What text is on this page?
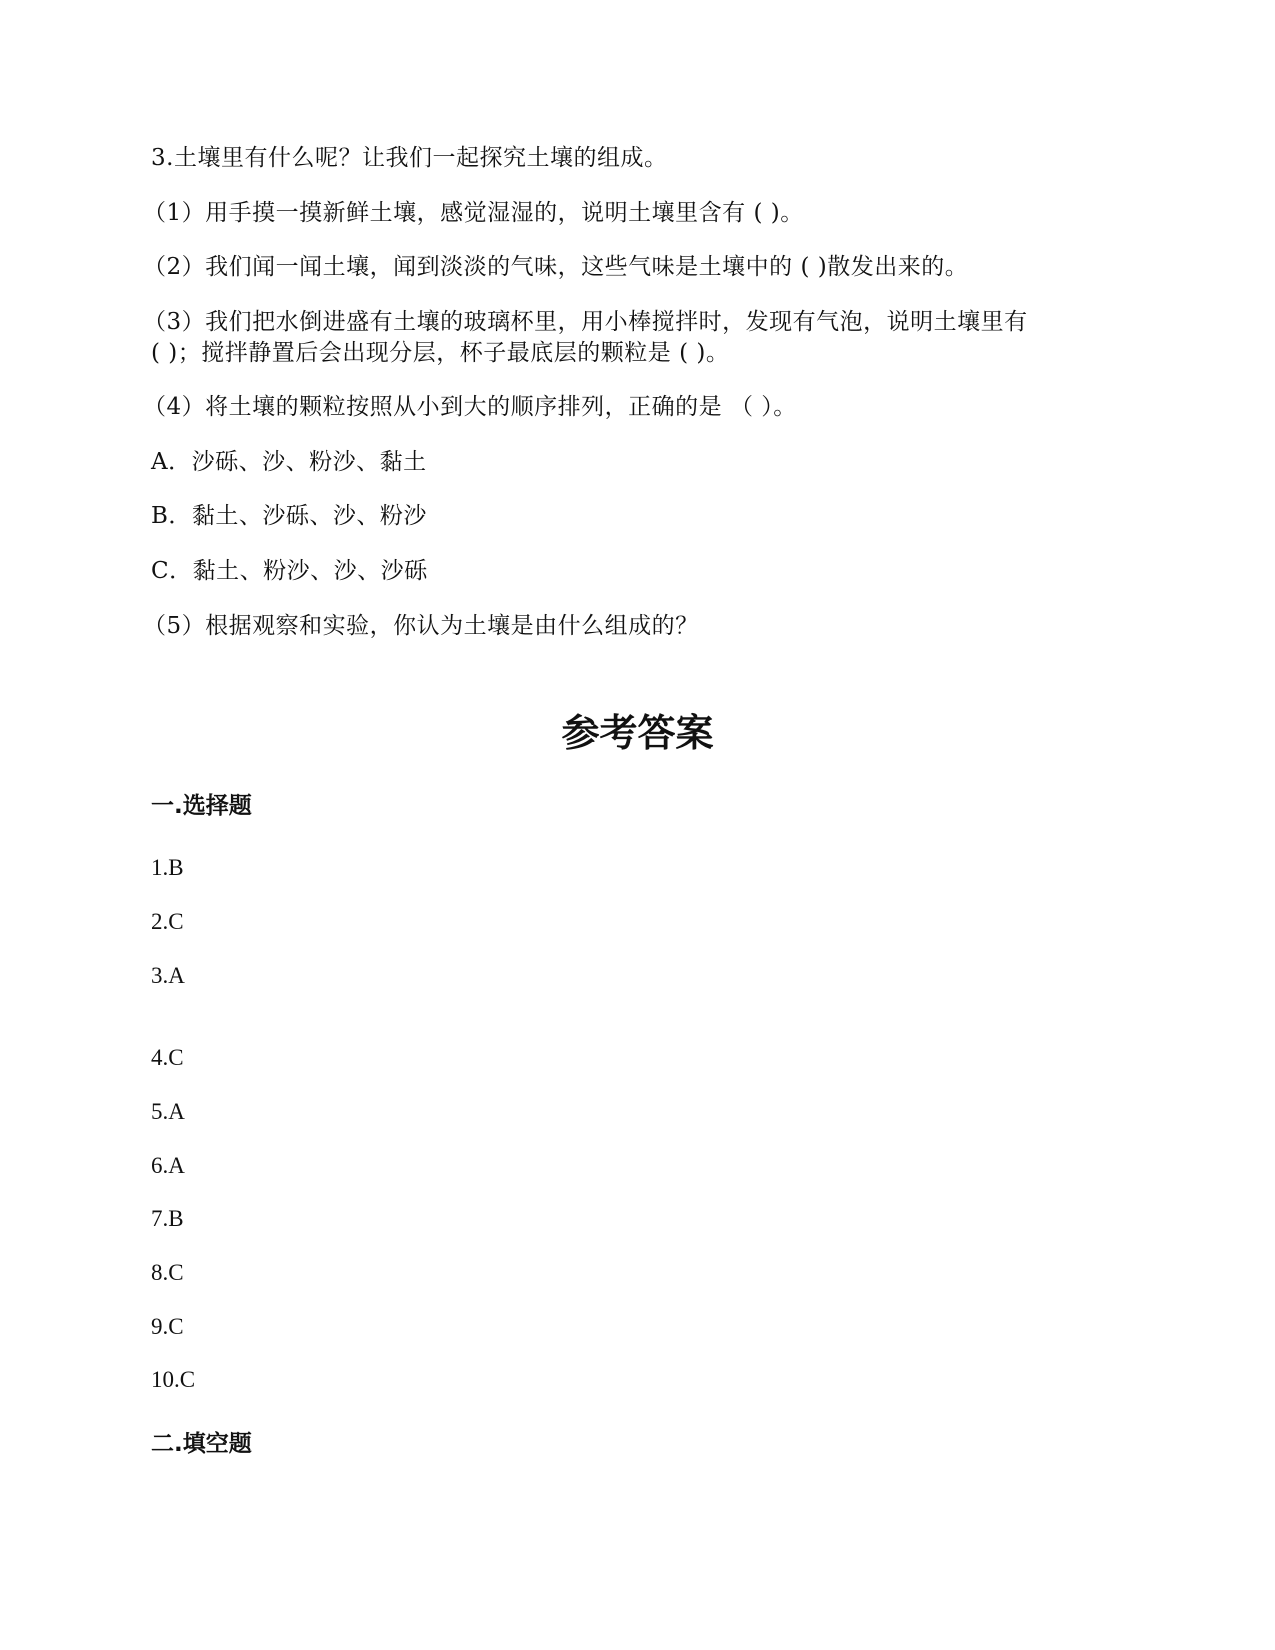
3.土壤里有什么呢？让我们一起探究土壤的组成。
（1）用手摸一摸新鲜土壤，感觉湿湿的，说明土壤里含有 ( )。
（2）我们闻一闻土壤，闻到淡淡的气味，这些气味是土壤中的 ( )散发出来的。
（3）我们把水倒进盛有土壤的玻璃杯里，用小棒搅拌时，发现有气泡，说明土壤里有
( )；搅拌静置后会出现分层，杯子最底层的颗粒是 ( )。
（4）将土壤的颗粒按照从小到大的顺序排列，正确的是 （ ）。
A．沙砾、沙、粉沙、黏土
B．黏土、沙砾、沙、粉沙
C．黏土、粉沙、沙、沙砾
（5）根据观察和实验，你认为土壤是由什么组成的？
参考答案
一.选择题
1.B
2.C
3.A
4.C
5.A
6.A
7.B
8.C
9.C
10.C
二.填空题
